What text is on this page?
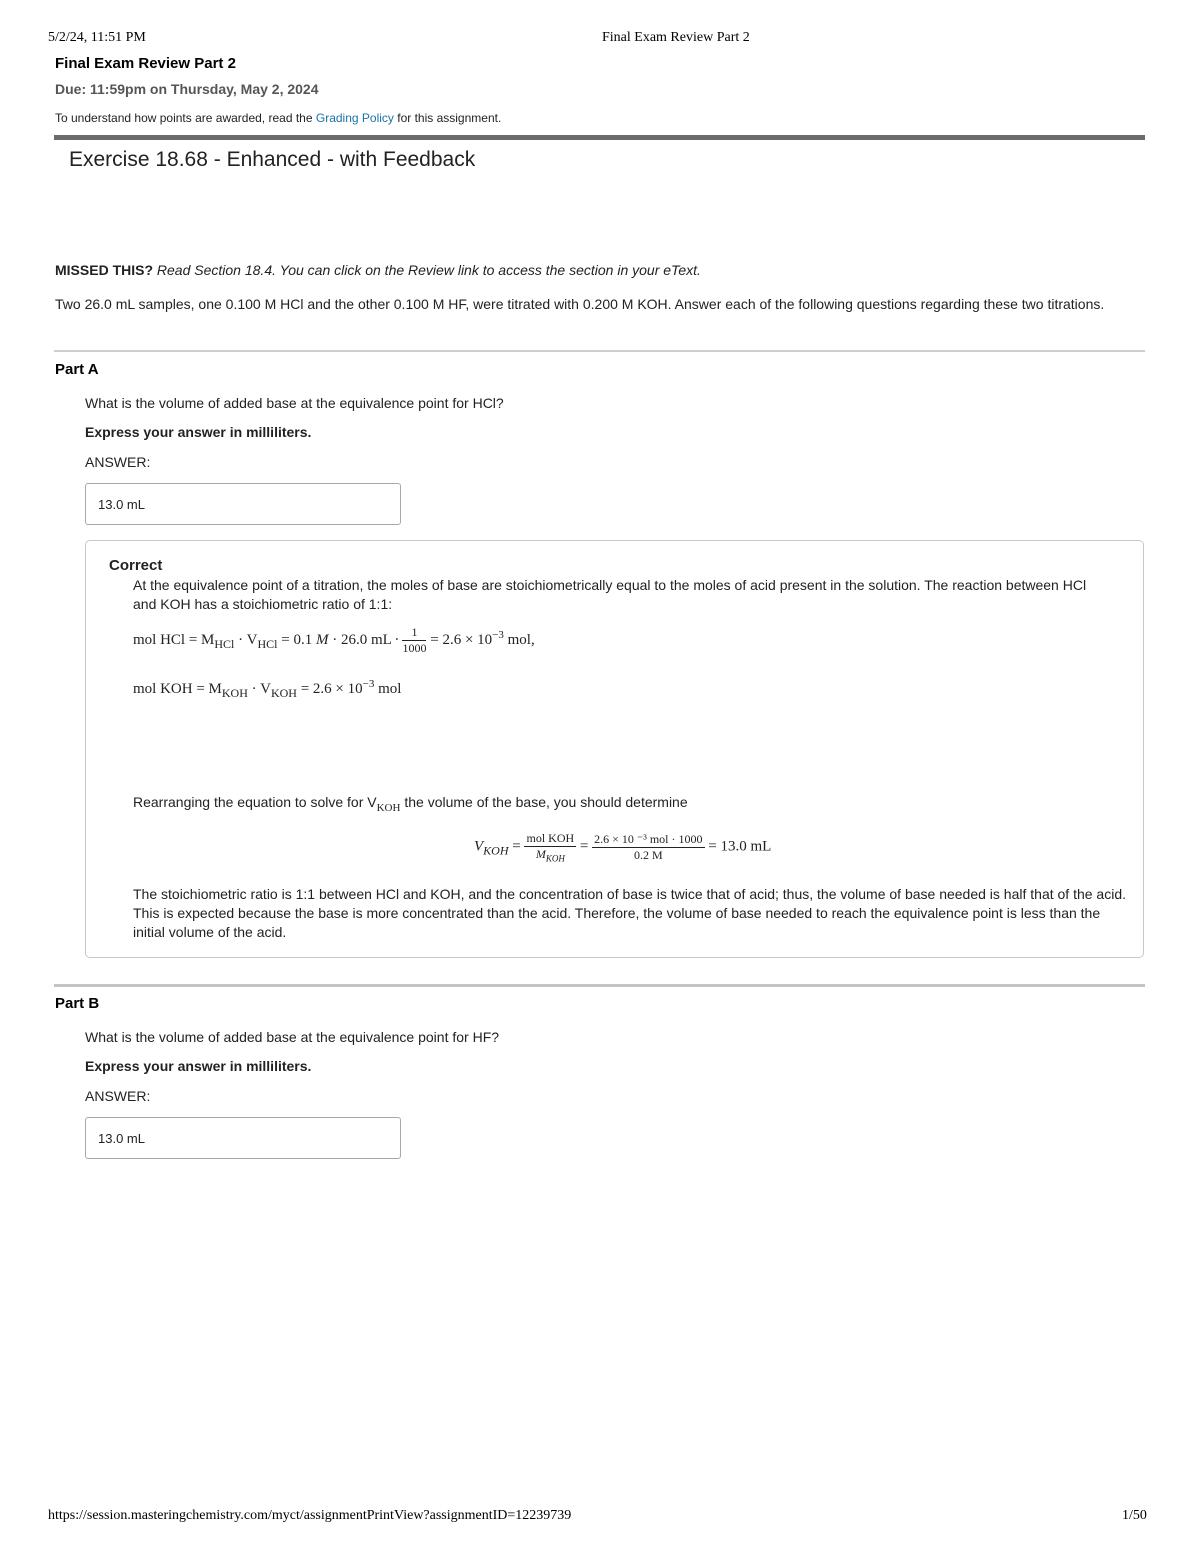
5/2/24, 11:51 PM	Final Exam Review Part 2
Final Exam Review Part 2
Due: 11:59pm on Thursday, May 2, 2024
To understand how points are awarded, read the Grading Policy for this assignment.
Exercise 18.68 - Enhanced - with Feedback
MISSED THIS? Read Section 18.4. You can click on the Review link to access the section in your eText.
Two 26.0 mL samples, one 0.100 M HCl and the other 0.100 M HF, were titrated with 0.200 M KOH. Answer each of the following questions regarding these two titrations.
Part A
What is the volume of added base at the equivalence point for HCl?
Express your answer in milliliters.
ANSWER:
13.0 mL
Correct
At the equivalence point of a titration, the moles of base are stoichiometrically equal to the moles of acid present in the solution. The reaction between HCl and KOH has a stoichiometric ratio of 1:1:
mol HCl = $M_{HCl} \cdot V_{HCl} = 0.1$ M · 26.0 mL ∙ $\frac{1}{1000} = 2.6 \times 10^{-3}$ mol,
mol KOH = $M_{KOH} \cdot V_{KOH} = 2.6 \times 10^{-3}$ mol
Rearranging the equation to solve for $V_{KOH}$ the volume of the base, you should determine
$V_{KOH} = \frac{\text{mol KOH}}{M_{KOH}} = \frac{\text{2.6 × 10 ⁻³ mol · 1000}}{0.2 M} = 13.0$ mL
The stoichiometric ratio is 1:1 between HCl and KOH, and the concentration of base is twice that of acid; thus, the volume of base needed is half that of the acid. This is expected because the base is more concentrated than the acid. Therefore, the volume of base needed to reach the equivalence point is less than the initial volume of the acid.
Part B
What is the volume of added base at the equivalence point for HF?
Express your answer in milliliters.
ANSWER:
13.0 mL
https://session.masteringchemistry.com/myct/assignmentPrintView?assignmentID=12239739	1/50
